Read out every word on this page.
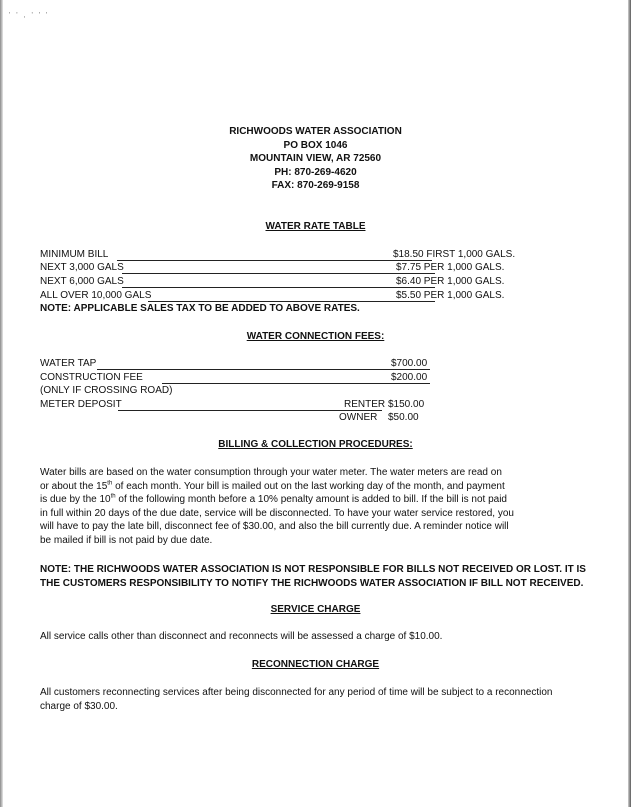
' ' , ' ' '
RICHWOODS WATER ASSOCIATION
PO BOX 1046
MOUNTAIN VIEW, AR 72560
PH: 870-269-4620
FAX: 870-269-9158
WATER RATE TABLE
MINIMUM BILL	$18.50 FIRST 1,000 GALS.
NEXT 3,000 GALS	$7.75 PER 1,000 GALS.
NEXT 6,000 GALS	$6.40 PER 1,000 GALS.
ALL OVER 10,000 GALS	$5.50 PER 1,000 GALS.
NOTE: APPLICABLE SALES TAX TO BE ADDED TO ABOVE RATES.
WATER CONNECTION FEES:
WATER TAP	$700.00
CONSTRUCTION FEE	$200.00
(ONLY IF CROSSING ROAD)
METER DEPOSIT	RENTER $150.00
OWNER $50.00
BILLING & COLLECTION PROCEDURES:
Water bills are based on the water consumption through your water meter. The water meters are read on
or about the 15th of each month. Your bill is mailed out on the last working day of the month, and payment
is due by the 10th of the following month before a 10% penalty amount is added to bill. If the bill is not paid
in full within 20 days of the due date, service will be disconnected. To have your water service restored, you
will have to pay the late bill, disconnect fee of $30.00, and also the bill currently due. A reminder notice will
be mailed if bill is not paid by due date.
NOTE: THE RICHWOODS WATER ASSOCIATION IS NOT RESPONSIBLE FOR BILLS NOT RECEIVED OR LOST. IT IS
THE CUSTOMERS RESPONSIBILITY TO NOTIFY THE RICHWOODS WATER ASSOCIATION IF BILL NOT RECEIVED.
SERVICE CHARGE
All service calls other than disconnect and reconnects will be assessed a charge of $10.00.
RECONNECTION CHARGE
All customers reconnecting services after being disconnected for any period of time will be subject to a reconnection
charge of $30.00.
